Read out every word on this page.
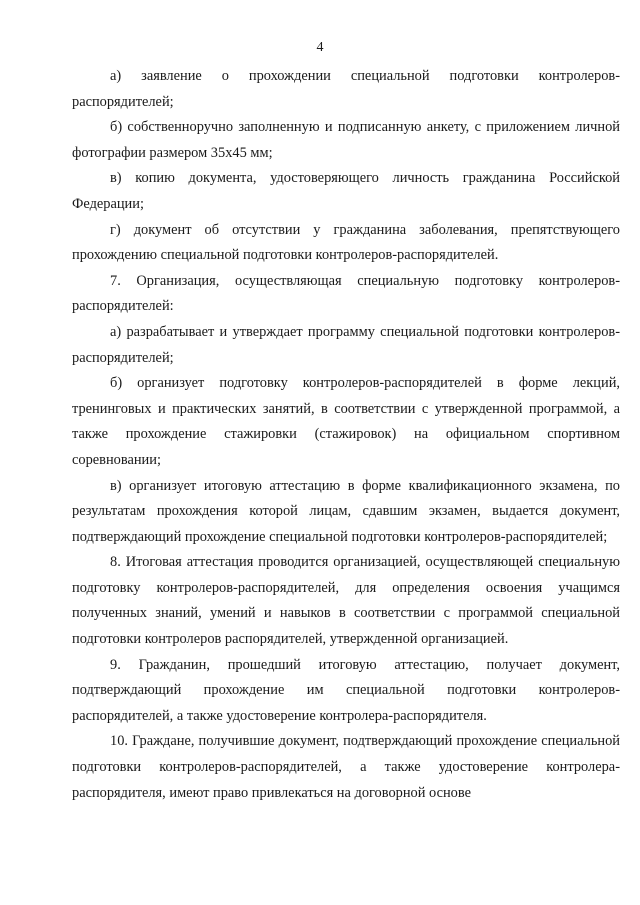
4

а) заявление о прохождении специальной подготовки контролеров-распорядителей;

б) собственноручно заполненную и подписанную анкету, с приложением личной фотографии размером 35х45 мм;

в) копию документа, удостоверяющего личность гражданина Российской Федерации;

г) документ об отсутствии у гражданина заболевания, препятствующего прохождению специальной подготовки контролеров-распорядителей.

7. Организация, осуществляющая специальную подготовку контролеров-распорядителей:

а) разрабатывает и утверждает программу специальной подготовки контролеров-распорядителей;

б) организует подготовку контролеров-распорядителей в форме лекций, тренинговых и практических занятий, в соответствии с утвержденной программой, а также прохождение стажировки (стажировок) на официальном спортивном соревновании;

в) организует итоговую аттестацию в форме квалификационного экзамена, по результатам прохождения которой лицам, сдавшим экзамен, выдается документ, подтверждающий прохождение специальной подготовки контролеров-распорядителей;

8. Итоговая аттестация проводится организацией, осуществляющей специальную подготовку контролеров-распорядителей, для определения освоения учащимся полученных знаний, умений и навыков в соответствии с программой специальной подготовки контролеров распорядителей, утвержденной организацией.

9. Гражданин, прошедший итоговую аттестацию, получает документ, подтверждающий прохождение им специальной подготовки контролеров-распорядителей, а также удостоверение контролера-распорядителя.

10. Граждане, получившие документ, подтверждающий прохождение специальной подготовки контролеров-распорядителей, а также удостоверение контролера-распорядителя, имеют право привлекаться на договорной основе
